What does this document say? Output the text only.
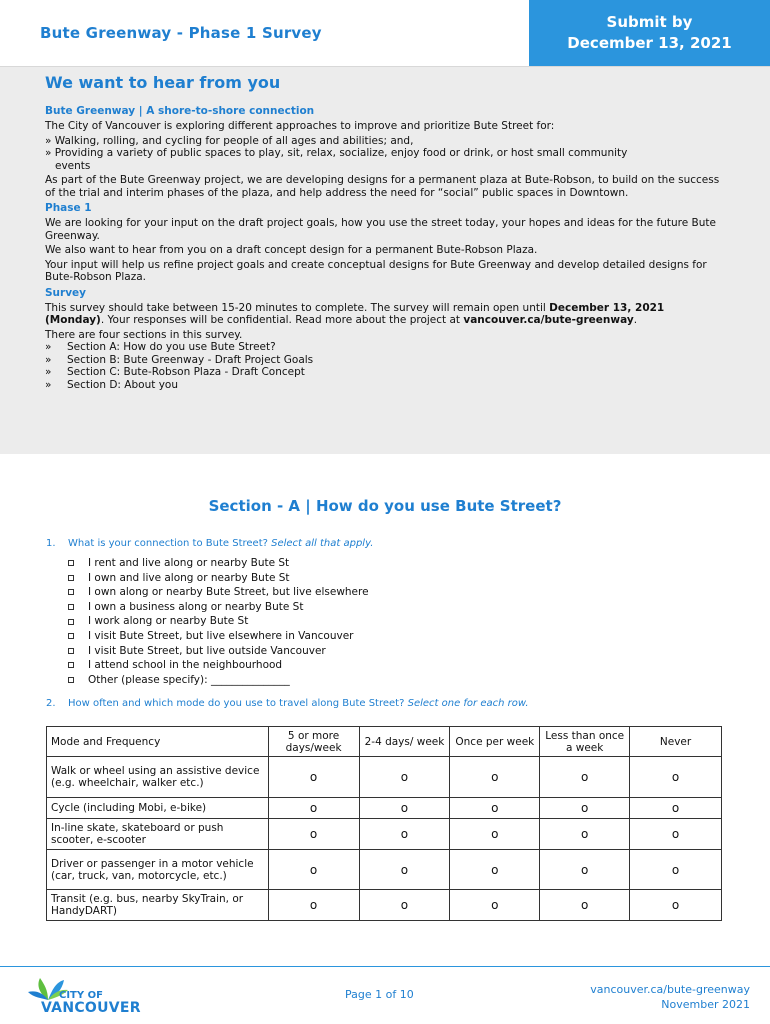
Bute Greenway - Phase 1 Survey
Submit by
December 13, 2021
We want to hear from you
Bute Greenway | A shore-to-shore connection

The City of Vancouver is exploring different approaches to improve and prioritize Bute Street for:

» Walking, rolling, and cycling for people of all ages and abilities; and,
» Providing a variety of public spaces to play, sit, relax, socialize, enjoy food or drink, or host small community events

As part of the Bute Greenway project, we are developing designs for a permanent plaza at Bute-Robson, to build on the success of the trial and interim phases of the plaza, and help address the need for “social” public spaces in Downtown.

Phase 1

We are looking for your input on the draft project goals, how you use the street today, your hopes and ideas for the future Bute Greenway.

We also want to hear from you on a draft concept design for a permanent Bute-Robson Plaza.

Your input will help us refine project goals and create conceptual designs for Bute Greenway and develop detailed designs for Bute-Robson Plaza.

Survey

This survey should take between 15-20 minutes to complete. The survey will remain open until December 13, 2021 (Monday). Your responses will be confidential. Read more about the project at vancouver.ca/bute-greenway.

There are four sections in this survey.

»	Section A: How do you use Bute Street?
»	Section B: Bute Greenway - Draft Project Goals
»	Section C: Bute-Robson Plaza - Draft Concept
»	Section D: About you
Section - A | How do you use Bute Street?
1. What is your connection to Bute Street? Select all that apply.
I rent and live along or nearby Bute St
I own and live along or nearby Bute St
I own along or nearby Bute Street, but live elsewhere
I own a business along or nearby Bute St
I work along or nearby Bute St
I visit Bute Street, but live elsewhere in Vancouver
I visit Bute Street, but live outside Vancouver
I attend school in the neighbourhood
Other (please specify): _______________
2. How often and which mode do you use to travel along Bute Street? Select one for each row.
Mode and Frequency	5 or more days/week	2-4 days/ week	Once per week	Less than once a week	Never
Walk or wheel using an assistive device (e.g. wheelchair, walker etc.)	o	o	o	o	o
Cycle (including Mobi, e-bike)	o	o	o	o	o
In-line skate, skateboard or push scooter, e-scooter	o	o	o	o	o
Driver or passenger in a motor vehicle (car, truck, van, motorcycle, etc.)	o	o	o	o	o
Transit (e.g. bus, nearby SkyTrain, or HandyDART)	o	o	o	o	o
CITY OF
VANCOUVER
Page 1 of 10	vancouver.ca/bute-greenway
November 2021
